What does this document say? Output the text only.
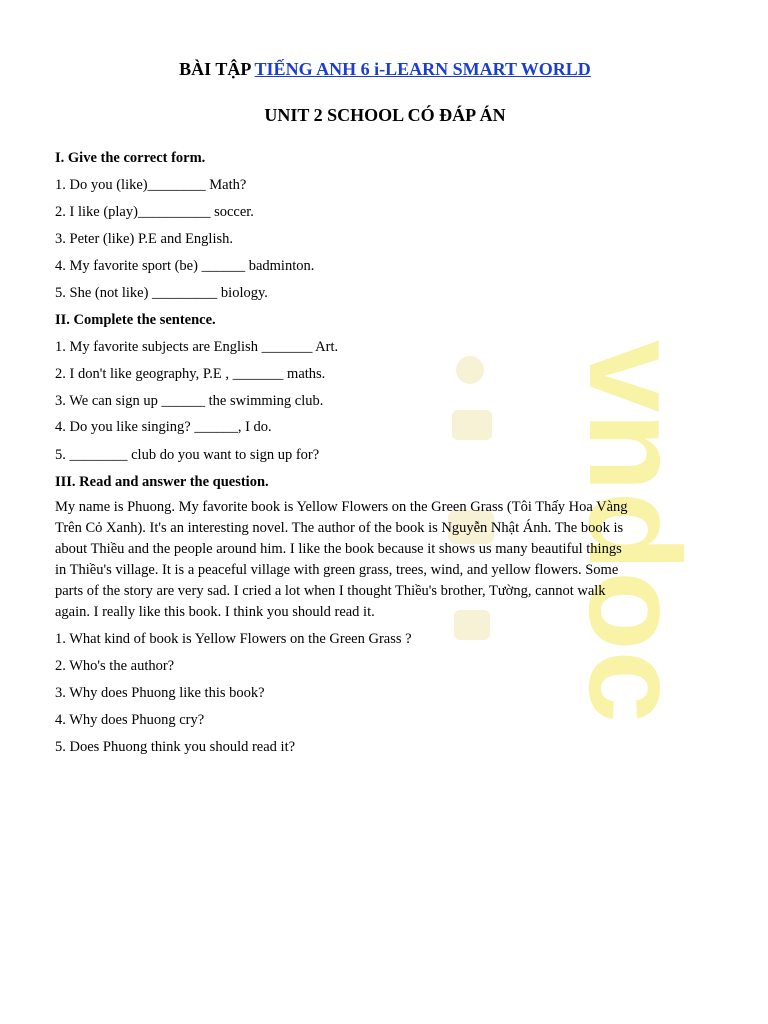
vndoc
BÀI TẬP TIẾNG ANH 6 i-LEARN SMART WORLD
UNIT 2 SCHOOL CÓ ĐÁP ÁN

I. Give the correct form.

1. Do you (like)________ Math?

2. I like (play)__________ soccer.

3. Peter (like) P.E and English.

4. My favorite sport (be) ______ badminton.

5. She (not like) _________ biology.

II. Complete the sentence.

1. My favorite subjects are English _______ Art.

2. I don't like geography, P.E , _______ maths.

3. We can sign up ______ the swimming club.

4. Do you like singing? ______, I do.

5. ________ club do you want to sign up for?

III. Read and answer the question.

My name is Phuong. My favorite book is Yellow Flowers on the Green Grass (Tôi Thấy Hoa Vàng
Trên Cỏ Xanh). It's an interesting novel. The author of the book is Nguyễn Nhật Ánh. The book is
about Thiều and the people around him. I like the book because it shows us many beautiful things
in Thiều's village. It is a peaceful village with green grass, trees, wind, and yellow flowers. Some
parts of the story are very sad. I cried a lot when I thought Thiều's brother, Tường, cannot walk
again. I really like this book. I think you should read it.

1. What kind of book is Yellow Flowers on the Green Grass ?

2. Who's the author?

3. Why does Phuong like this book?

4. Why does Phuong cry?

5. Does Phuong think you should read it?
